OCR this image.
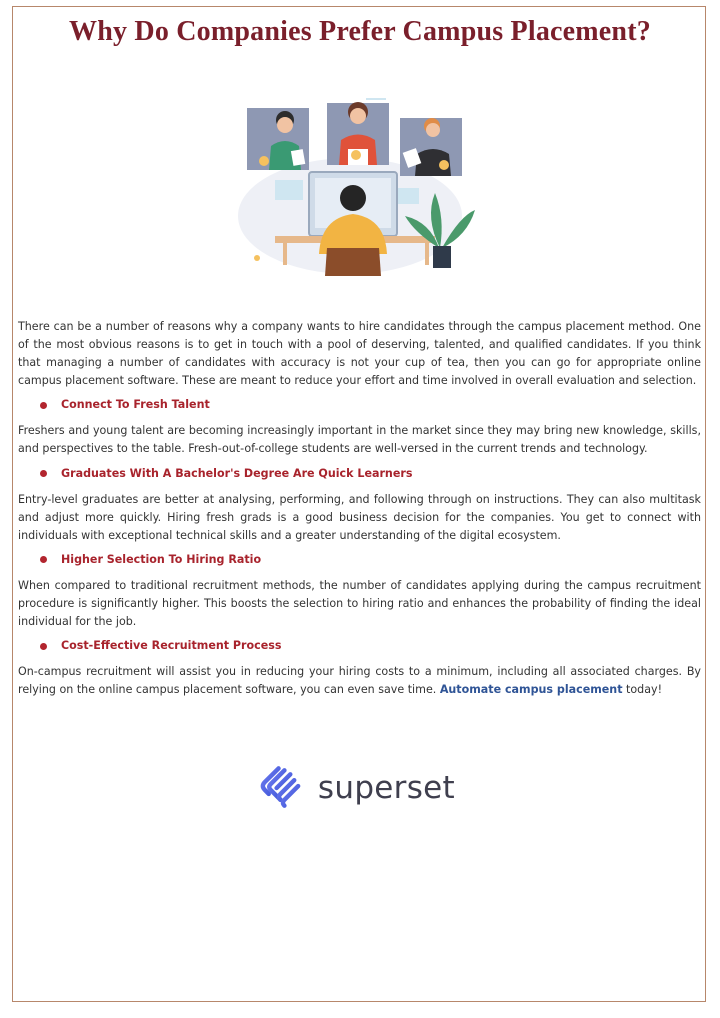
Why Do Companies Prefer Campus Placement?

There can be a number of reasons why a company wants to hire candidates through the campus placement method. One of the most obvious reasons is to get in touch with a pool of deserving, talented, and qualified candidates. If you think that managing a number of candidates with accuracy is not your cup of tea, then you can go for appropriate online campus placement software. These are meant to reduce your effort and time involved in overall evaluation and selection.

Connect To Fresh Talent

Freshers and young talent are becoming increasingly important in the market since they may bring new knowledge, skills, and perspectives to the table. Fresh-out-of-college students are well-versed in the current trends and technology.

Graduates With A Bachelor's Degree Are Quick Learners

Entry-level graduates are better at analysing, performing, and following through on instructions. They can also multitask and adjust more quickly. Hiring fresh grads is a good business decision for the companies. You get to connect with individuals with exceptional technical skills and a greater understanding of the digital ecosystem.

Higher Selection To Hiring Ratio

When compared to traditional recruitment methods, the number of candidates applying during the campus recruitment procedure is significantly higher. This boosts the selection to hiring ratio and enhances the probability of finding the ideal individual for the job.

Cost-Effective Recruitment Process

On-campus recruitment will assist you in reducing your hiring costs to a minimum, including all associated charges. By relying on the online campus placement software, you can even save time. Automate campus placement today!

superset
